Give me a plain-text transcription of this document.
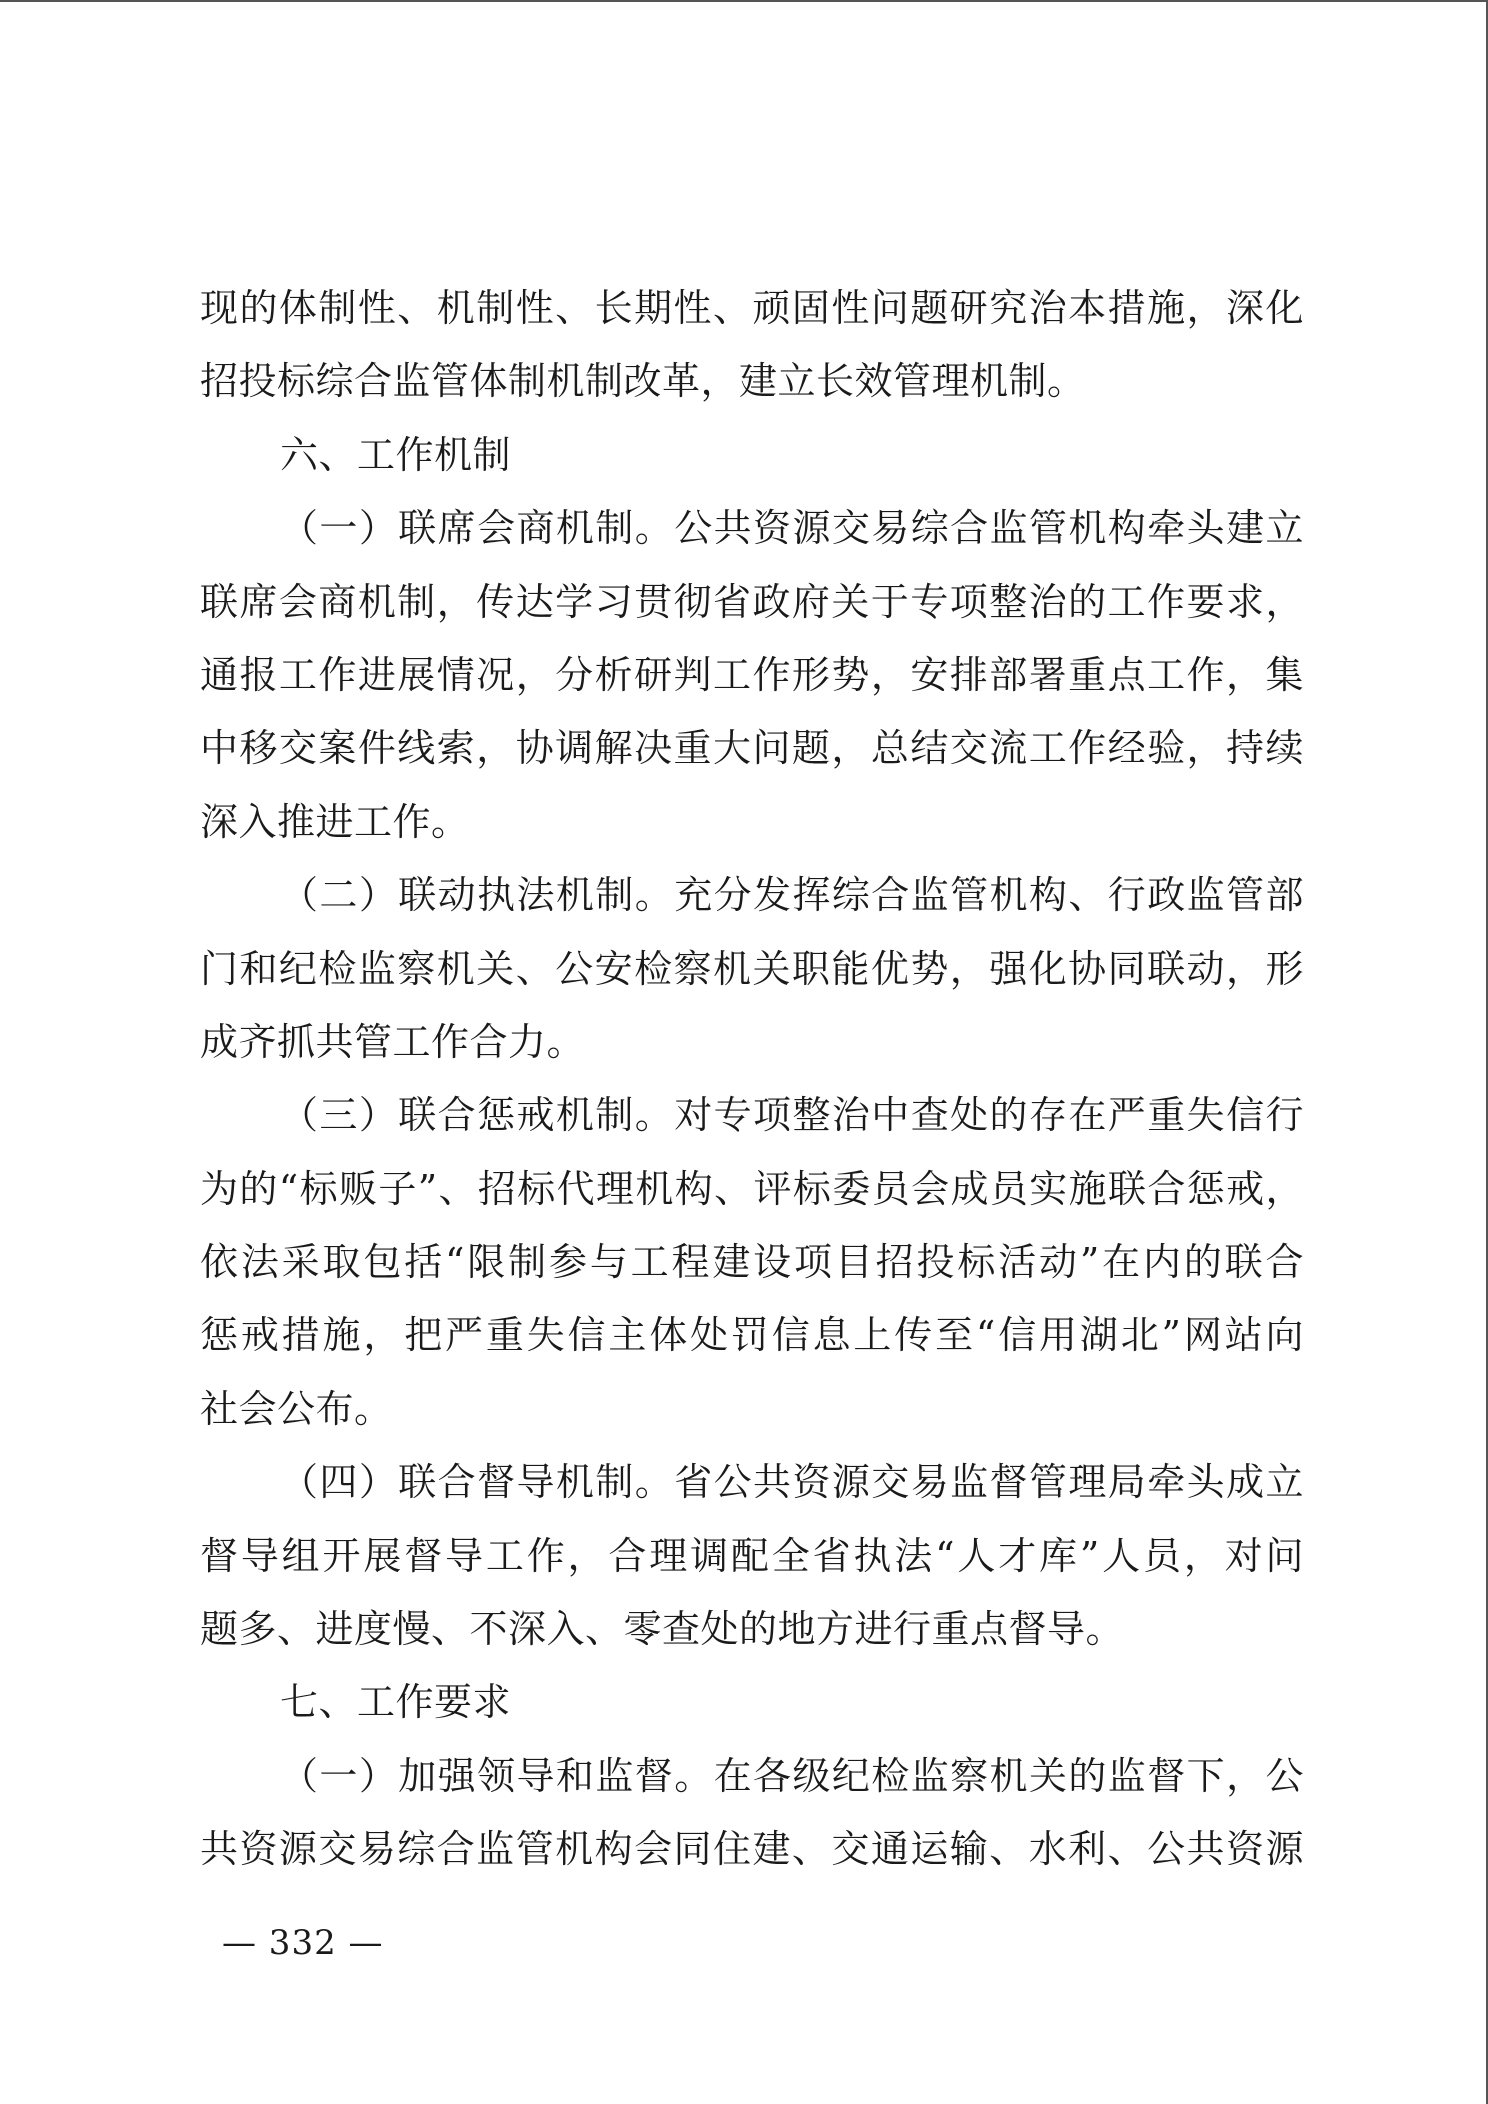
现的体制性、机制性、长期性、顽固性问题研究治本措施，深化
招投标综合监管体制机制改革，建立长效管理机制。
六、工作机制
（一）联席会商机制。公共资源交易综合监管机构牵头建立
联席会商机制，传达学习贯彻省政府关于专项整治的工作要求，
通报工作进展情况，分析研判工作形势，安排部署重点工作，集
中移交案件线索，协调解决重大问题，总结交流工作经验，持续
深入推进工作。
（二）联动执法机制。充分发挥综合监管机构、行政监管部
门和纪检监察机关、公安检察机关职能优势，强化协同联动，形
成齐抓共管工作合力。
（三）联合惩戒机制。对专项整治中查处的存在严重失信行
为的“标贩子”、招标代理机构、评标委员会成员实施联合惩戒，
依法采取包括“限制参与工程建设项目招投标活动”在内的联合
惩戒措施，把严重失信主体处罚信息上传至“信用湖北”网站向
社会公布。
（四）联合督导机制。省公共资源交易监督管理局牵头成立
督导组开展督导工作，合理调配全省执法“人才库”人员，对问
题多、进度慢、不深入、零查处的地方进行重点督导。
七、工作要求
（一）加强领导和监督。在各级纪检监察机关的监督下，公
共资源交易综合监管机构会同住建、交通运输、水利、公共资源
— 332 —
